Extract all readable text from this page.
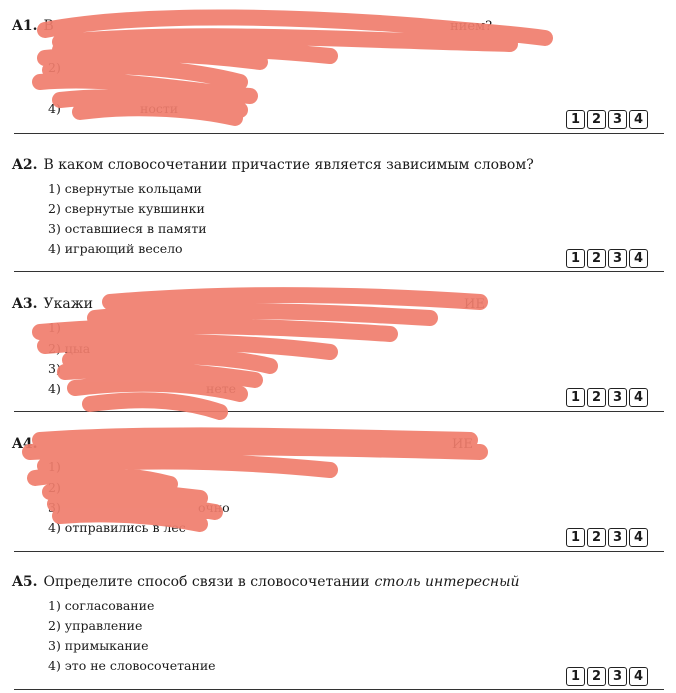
A1. В	нием?
2)
4)	ности
1 2 3 4
A2. В каком словосочетании причастие является зависимым словом?
1) свернутые кольцами
2) свернутые кувшинки
3) оставшиеся в памяти
4) играющий весело
1 2 3 4
A3. Укажи	ИЕ
1)
2) цыа
3)
4)	нете
1 2 3 4
A4.	ИЕ
1)
2)
3)	очно
4) отправились в лес
1 2 3 4
A5. Определите способ связи в словосочетании столь интересный
1) согласование
2) управление
3) примыкание
4) это не словосочетание
1 2 3 4
